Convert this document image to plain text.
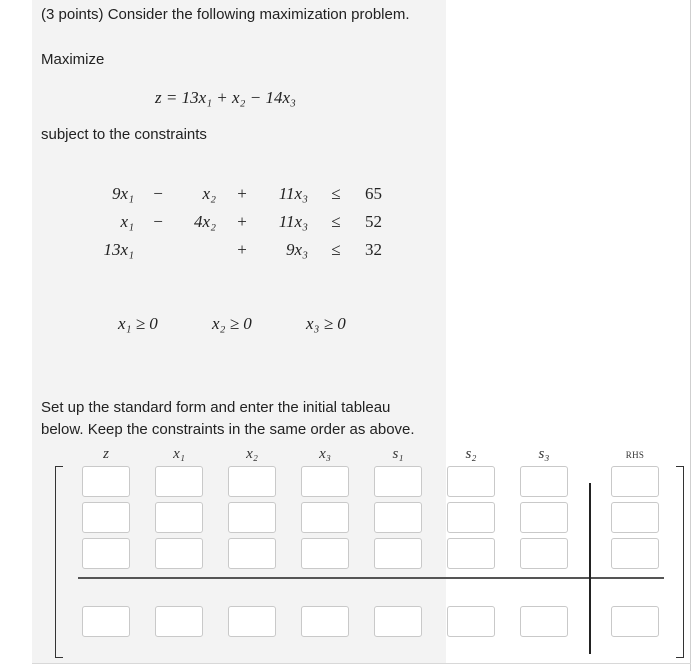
(3 points) Consider the following maximization problem.
Maximize
z = 13x₁ + x₂ − 14x₃
subject to the constraints
9x₁	−	x₂	+	11x₃	≤	65
x₁	−	4x₂	+	11x₃	≤	52
13x₁	+	9x₃	≤	32
x₁ ≥ 0	x₂ ≥ 0	x₃ ≥ 0
Set up the standard form and enter the initial tableau
below. Keep the constraints in the same order as above.
z	x₁	x₂	x₃	s₁	s₂	s₃	RHS
